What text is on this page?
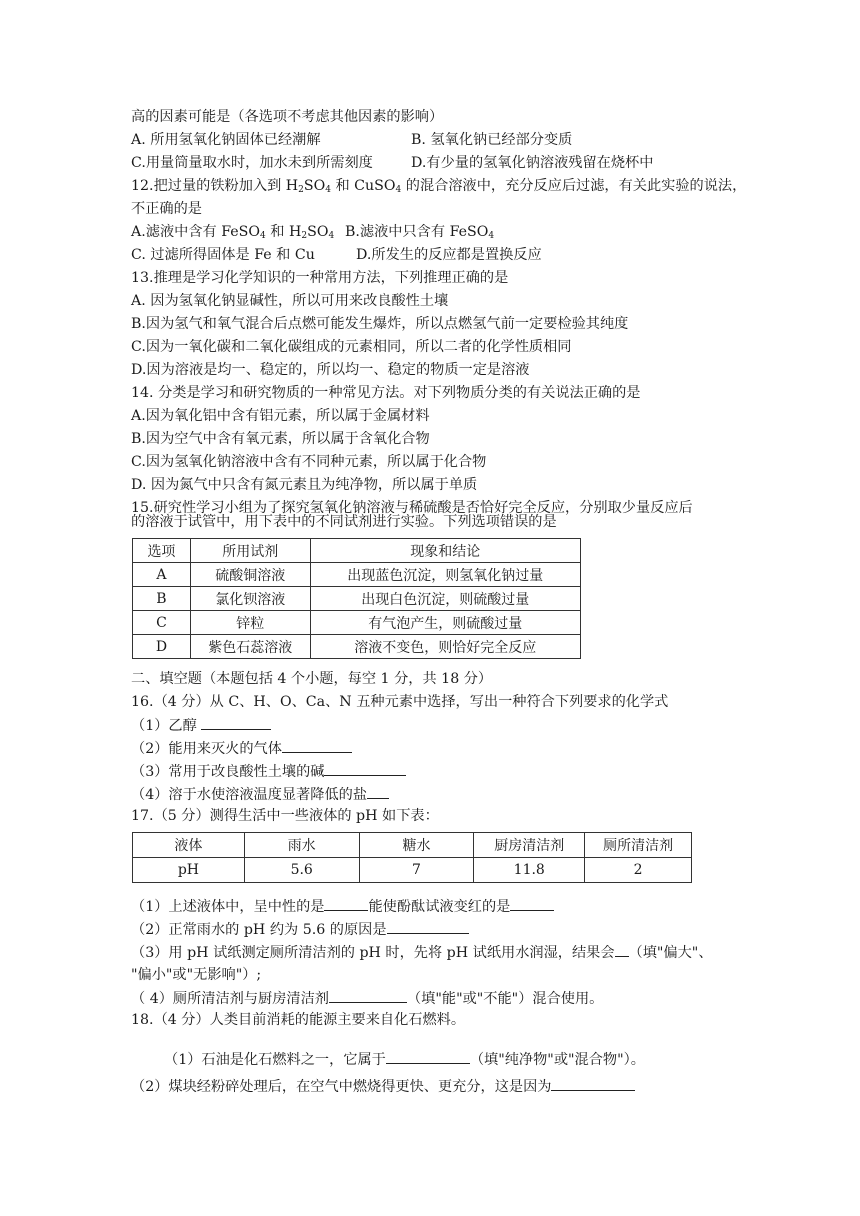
高的因素可能是（各选项不考虑其他因素的影响）
A. 所用氢氧化钠固体已经潮解	B. 氢氧化钠已经部分变质
C.用量筒量取水时，加水未到所需刻度	D.有少量的氢氧化钠溶液残留在烧杯中
12.把过量的铁粉加入到 $H_2SO_4$ 和 CuSO$_4$ 的混合溶液中，充分反应后过滤，有关此实验的说法，
不正确的是
A.滤液中含有 FeSO$_4$ 和 $H_2SO_4$ B.滤液中只含有 FeSO$_4$
C. 过滤所得固体是 Fe 和 Cu	D.所发生的反应都是置换反应
13.推理是学习化学知识的一种常用方法，下列推理正确的是
A. 因为氢氧化钠显碱性，所以可用来改良酸性土壤
B.因为氢气和氧气混合后点燃可能发生爆炸，所以点燃氢气前一定要检验其纯度
C.因为一氧化碳和二氧化碳组成的元素相同，所以二者的化学性质相同
D.因为溶液是均一、稳定的，所以均一、稳定的物质一定是溶液
14. 分类是学习和研究物质的一种常见方法。对下列物质分类的有关说法正确的是
A.因为氧化铝中含有铝元素，所以属于金属材料
B.因为空气中含有氧元素，所以属于含氧化合物
C.因为氢氧化钠溶液中含有不同种元素，所以属于化合物
D. 因为氮气中只含有氮元素且为纯净物，所以属于单质
15.研究性学习小组为了探究氢氧化钠溶液与稀硫酸是否恰好完全反应，分别取少量反应后
的溶液于试管中，用下表中的不同试剂进行实验。下列选项错误的是
选项	所用试剂	现象和结论
A	硫酸铜溶液	出现蓝色沉淀，则氢氧化钠过量
B	氯化钡溶液	出现白色沉淀，则硫酸过量
C	锌粒	有气泡产生，则硫酸过量
D	紫色石蕊溶液	溶液不变色，则恰好完全反应
二、填空题（本题包括 4 个小题，每空 1 分，共 18 分）
16.（4 分）从 C、H、O、Ca、N 五种元素中选择，写出一种符合下列要求的化学式
（1）乙醇
（2）能用来灭火的气体
（3）常用于改良酸性土壤的碱
（4）溶于水使溶液温度显著降低的盐
17.（5 分）测得生活中一些液体的 pH 如下表：
液体	雨水	糖水	厨房清洁剂	厕所清洁剂
pH	5.6	7	11.8	2
（1）上述液体中，呈中性的是	能使酚酞试液变红的是
（2）正常雨水的 pH 约为 5.6 的原因是
（3）用 pH 试纸测定厕所清洁剂的 pH 时，先将 pH 试纸用水润湿，结果会 （填"偏大"、
"偏小"或"无影响"）;
（ 4）厕所清洁剂与厨房清洁剂	（填"能"或"不能"）混合使用。
18.（4 分）人类目前消耗的能源主要来自化石燃料。
（1）石油是化石燃料之一，它属于	（填"纯净物"或"混合物"）。
（2）煤块经粉碎处理后，在空气中燃烧得更快、更充分，这是因为
